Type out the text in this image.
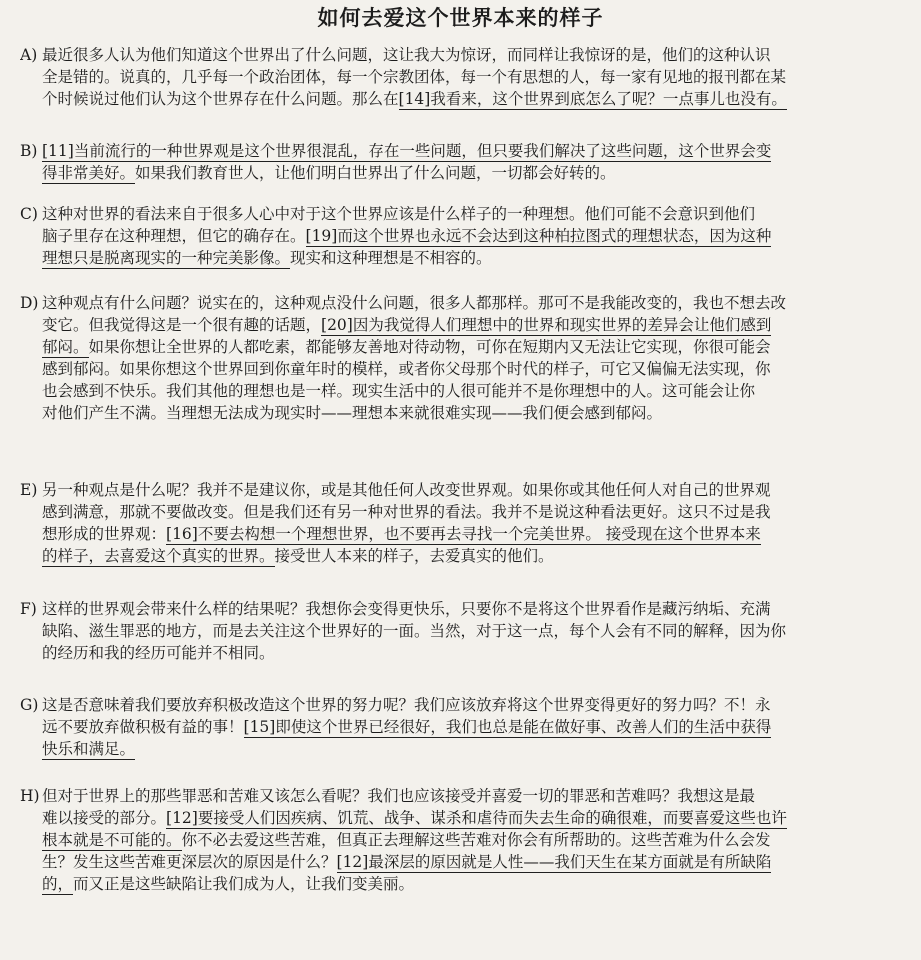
如何去爱这个世界本来的样子
A) 最近很多人认为他们知道这个世界出了什么问题，这让我大为惊讶，而同样让我惊讶的是，他们的这种认识
全是错的。说真的，几乎每一个政治团体，每一个宗教团体，每一个有思想的人，每一家有见地的报刊都在某
个时候说过他们认为这个世界存在什么问题。那么在[14]我看来，这个世界到底怎么了呢？一点事儿也没有。
B) [11]当前流行的一种世界观是这个世界很混乱，存在一些问题，但只要我们解决了这些问题，这个世界会变
得非常美好。如果我们教育世人，让他们明白世界出了什么问题，一切都会好转的。
C) 这种对世界的看法来自于很多人心中对于这个世界应该是什么样子的一种理想。他们可能不会意识到他们
脑子里存在这种理想，但它的确存在。[19]而这个世界也永远不会达到这种柏拉图式的理想状态，因为这种
理想只是脱离现实的一种完美影像。现实和这种理想是不相容的。
D) 这种观点有什么问题？说实在的，这种观点没什么问题，很多人都那样。那可不是我能改变的，我也不想去改
变它。但我觉得这是一个很有趣的话题，[20]因为我觉得人们理想中的世界和现实世界的差异会让他们感到
郁闷。如果你想让全世界的人都吃素，都能够友善地对待动物，可你在短期内又无法让它实现，你很可能会
感到郁闷。如果你想这个世界回到你童年时的模样，或者你父母那个时代的样子，可它又偏偏无法实现，你
也会感到不快乐。我们其他的理想也是一样。现实生活中的人很可能并不是你理想中的人。这可能会让你
对他们产生不满。当理想无法成为现实时——理想本来就很难实现——我们便会感到郁闷。
E) 另一种观点是什么呢？我并不是建议你，或是其他任何人改变世界观。如果你或其他任何人对自己的世界观
感到满意，那就不要做改变。但是我们还有另一种对世界的看法。我并不是说这种看法更好。这只不过是我
想形成的世界观：[16]不要去构想一个理想世界，也不要再去寻找一个完美世界。 接受现在这个世界本来
的样子，去喜爱这个真实的世界。接受世人本来的样子，去爱真实的他们。
F) 这样的世界观会带来什么样的结果呢？我想你会变得更快乐，只要你不是将这个世界看作是藏污纳垢、充满
缺陷、滋生罪恶的地方，而是去关注这个世界好的一面。当然，对于这一点，每个人会有不同的解释，因为你
的经历和我的经历可能并不相同。
G) 这是否意味着我们要放弃积极改造这个世界的努力呢？我们应该放弃将这个世界变得更好的努力吗？不！永
远不要放弃做积极有益的事！[15]即使这个世界已经很好，我们也总是能在做好事、改善人们的生活中获得
快乐和满足。
H) 但对于世界上的那些罪恶和苦难又该怎么看呢？我们也应该接受并喜爱一切的罪恶和苦难吗？我想这是最
难以接受的部分。[12]要接受人们因疾病、饥荒、战争、谋杀和虐待而失去生命的确很难，而要喜爱这些也许
根本就是不可能的。你不必去爱这些苦难，但真正去理解这些苦难对你会有所帮助的。这些苦难为什么会发
生？发生这些苦难更深层次的原因是什么？[12]最深层的原因就是人性——我们天生在某方面就是有所缺陷
的，而又正是这些缺陷让我们成为人，让我们变美丽。
